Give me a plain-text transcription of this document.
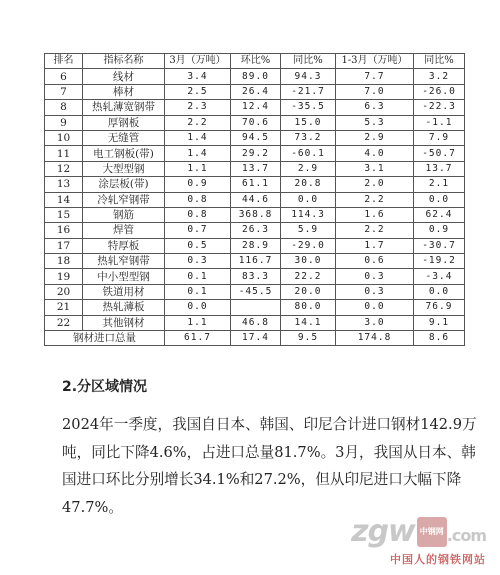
排名	指标名称	3月（万吨）	环比%	同比%	1-3月（万吨）	同比%
6	线材	3.4	89.0	94.3	7.7	3.2
7	棒材	2.5	26.4	-21.7	7.0	-26.0
8	热轧薄宽钢带	2.3	12.4	-35.5	6.3	-22.3
9	厚钢板	2.2	70.6	15.0	5.3	-1.1
10	无缝管	1.4	94.5	73.2	2.9	7.9
11	电工钢板(带)	1.4	29.2	-60.1	4.0	-50.7
12	大型型钢	1.1	13.7	2.9	3.1	13.7
13	涂层板(带)	0.9	61.1	20.8	2.0	2.1
14	冷轧窄钢带	0.8	44.6	0.0	2.2	0.0
15	钢筋	0.8	368.8	114.3	1.6	62.4
16	焊管	0.7	26.3	5.9	2.2	0.9
17	特厚板	0.5	28.9	-29.0	1.7	-30.7
18	热轧窄钢带	0.3	116.7	30.0	0.6	-19.2
19	中小型型钢	0.1	83.3	22.2	0.3	-3.4
20	铁道用材	0.1	-45.5	20.0	0.3	0.0
21	热轧薄板	0.0		80.0	0.0	76.9
22	其他钢材	1.1	46.8	14.1	3.0	9.1
钢材进口总量		61.7	17.4	9.5	174.8	8.6
2.分区域情况

2024年一季度，我国自日本、韩国、印尼合计进口钢材142.9万吨，同比下降4.6%，占进口总量81.7%。3月，我国从日本、韩国进口环比分别增长34.1%和27.2%，但从印尼进口大幅下降47.7%。

zgw 中钢网 .com
中国人的钢铁网站
